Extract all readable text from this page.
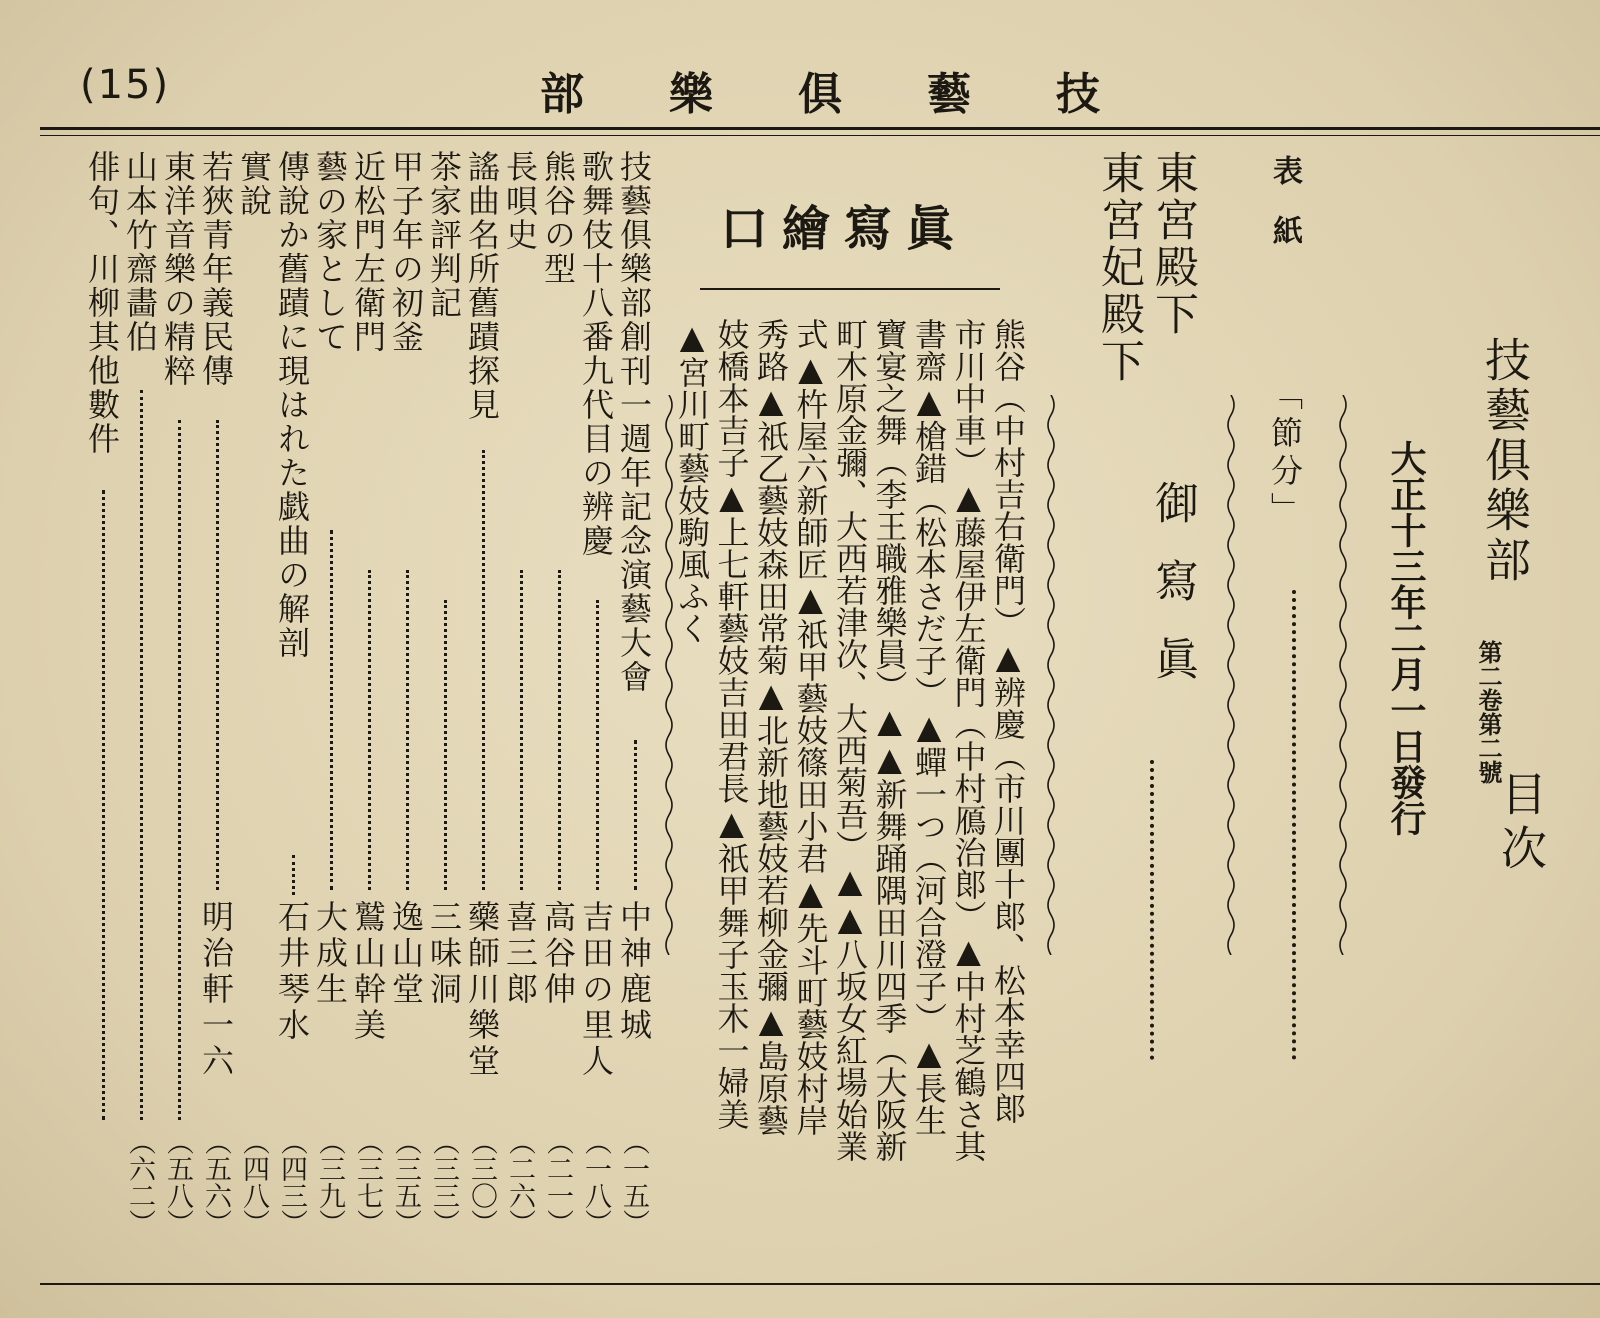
(15)	技
藝
俱
樂
部
技藝俱樂部
第二卷第二號
目次
大正十三年二月一日發行
表紙
「節分」
東宮殿下
御寫眞
東宮妃殿下
口繪寫眞
熊谷（中村吉右衛門）▲辨慶（市川團十郞、松本幸四郞
市川中車）▲藤屋伊左衛門（中村鴈治郞）▲中村芝鶴さ其
書齋▲槍錯（松本さだ子）▲蟬一つ（河合澄子）▲長生
寶宴之舞（李王職雅樂員）▲▲新舞踊隅田川四季（大阪新
町木原金彌、大西若津次、大西菊吾）▲▲八坂女紅場始業
式▲杵屋六新師匠▲祇甲藝妓篠田小君▲先斗町藝妓村岸
秀路▲祇乙藝妓森田常菊▲北新地藝妓若柳金彌▲島原藝
妓橋本吉子▲上七軒藝妓吉田君長▲祇甲舞子玉木一婦美
▲宮川町藝妓駒風ふく
技藝俱樂部創刊一週年記念演藝大會
中神鹿城
（一五）
歌舞伎十八番九代目の辨慶
吉田の里人
（一八）
熊谷の型
高谷伸
（二一）
長唄史
喜三郞
（二六）
謠曲名所舊蹟探見
藥師川樂堂
（三〇）
茶家評判記
三味洞
（三三）
甲子年の初釜
逸山堂
（三五）
近松門左衛門
鷲山幹美
（三七）
藝の家として
大成生
（三九）
傳說か舊蹟に現はれた戯曲の解剖
石井琴水
（四三）
實說
（四八）
若狹青年義民傳
明治軒一六
（五六）
東洋音樂の精粹
（五八）
山本竹齋畵伯
（六二）
俳句、川柳其他數件
